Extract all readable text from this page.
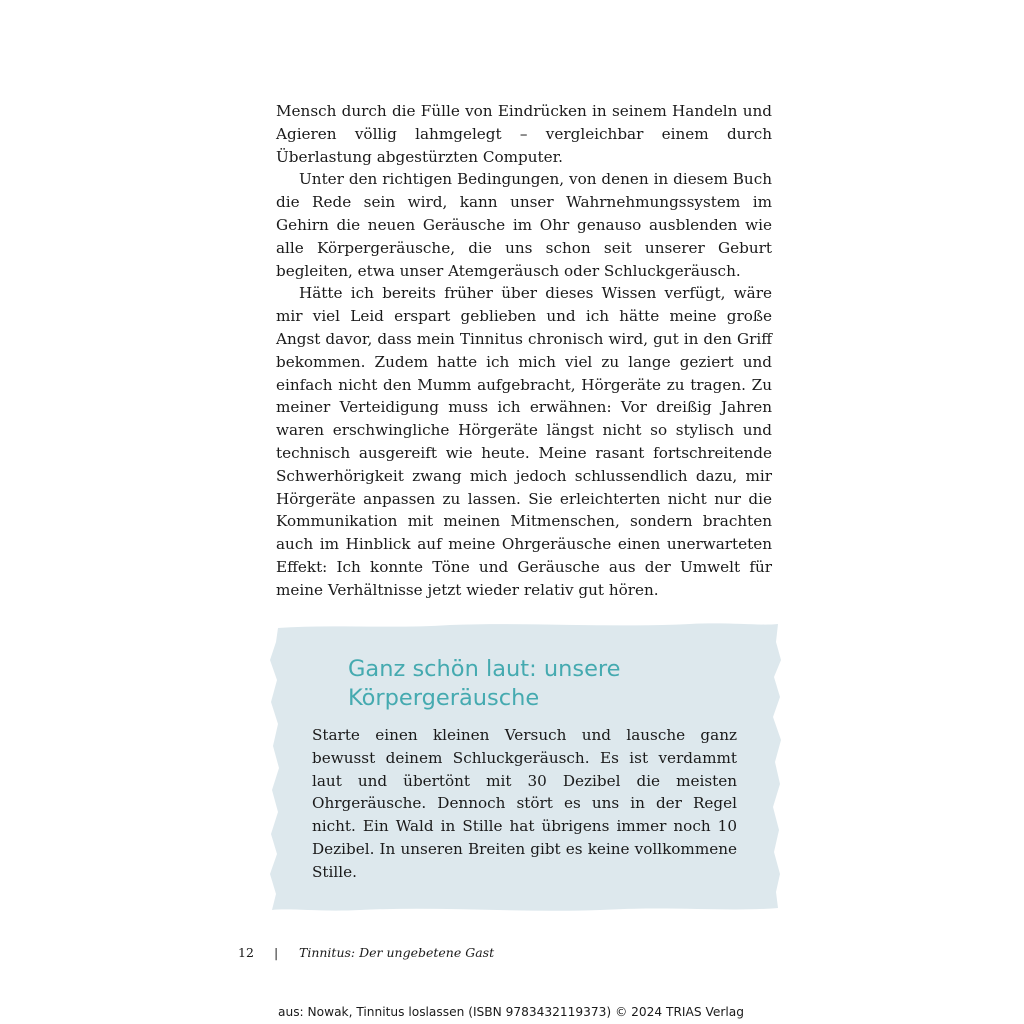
Mensch durch die Fülle von Eindrücken in seinem Handeln und Agieren völlig lahmgelegt – vergleichbar einem durch Überlastung abgestürzten Computer.

Unter den richtigen Bedingungen, von denen in diesem Buch die Rede sein wird, kann unser Wahrnehmungssystem im Gehirn die neuen Geräusche im Ohr genauso ausblenden wie alle Körpergeräusche, die uns schon seit unserer Geburt begleiten, etwa unser Atemgeräusch oder Schluckgeräusch.

Hätte ich bereits früher über dieses Wissen verfügt, wäre mir viel Leid erspart geblieben und ich hätte meine große Angst davor, dass mein Tinnitus chronisch wird, gut in den Griff bekommen. Zudem hatte ich mich viel zu lange geziert und einfach nicht den Mumm aufgebracht, Hörgeräte zu tragen. Zu meiner Verteidigung muss ich erwähnen: Vor dreißig Jahren waren erschwingliche Hörgeräte längst nicht so stylisch und technisch ausgereift wie heute. Meine rasant fortschreitende Schwerhörigkeit zwang mich jedoch schlussendlich dazu, mir Hörgeräte anpassen zu lassen. Sie erleichterten nicht nur die Kommunikation mit meinen Mitmenschen, sondern brachten auch im Hinblick auf meine Ohrgeräusche einen unerwarteten Effekt: Ich konnte Töne und Geräusche aus der Umwelt für meine Verhältnisse jetzt wieder relativ gut hören.

Ganz schön laut: unsere
Körpergeräusche

Starte einen kleinen Versuch und lausche ganz bewusst deinem Schluckgeräusch. Es ist verdammt laut und übertönt mit 30 Dezibel die meisten Ohrgeräusche. Dennoch stört es uns in der Regel nicht. Ein Wald in Stille hat übrigens immer noch 10 Dezibel. In unseren Breiten gibt es keine vollkommene Stille.

12 | Tinnitus: Der ungebetene Gast
aus: Nowak, Tinnitus loslassen (ISBN 9783432119373) © 2024 TRIAS Verlag
